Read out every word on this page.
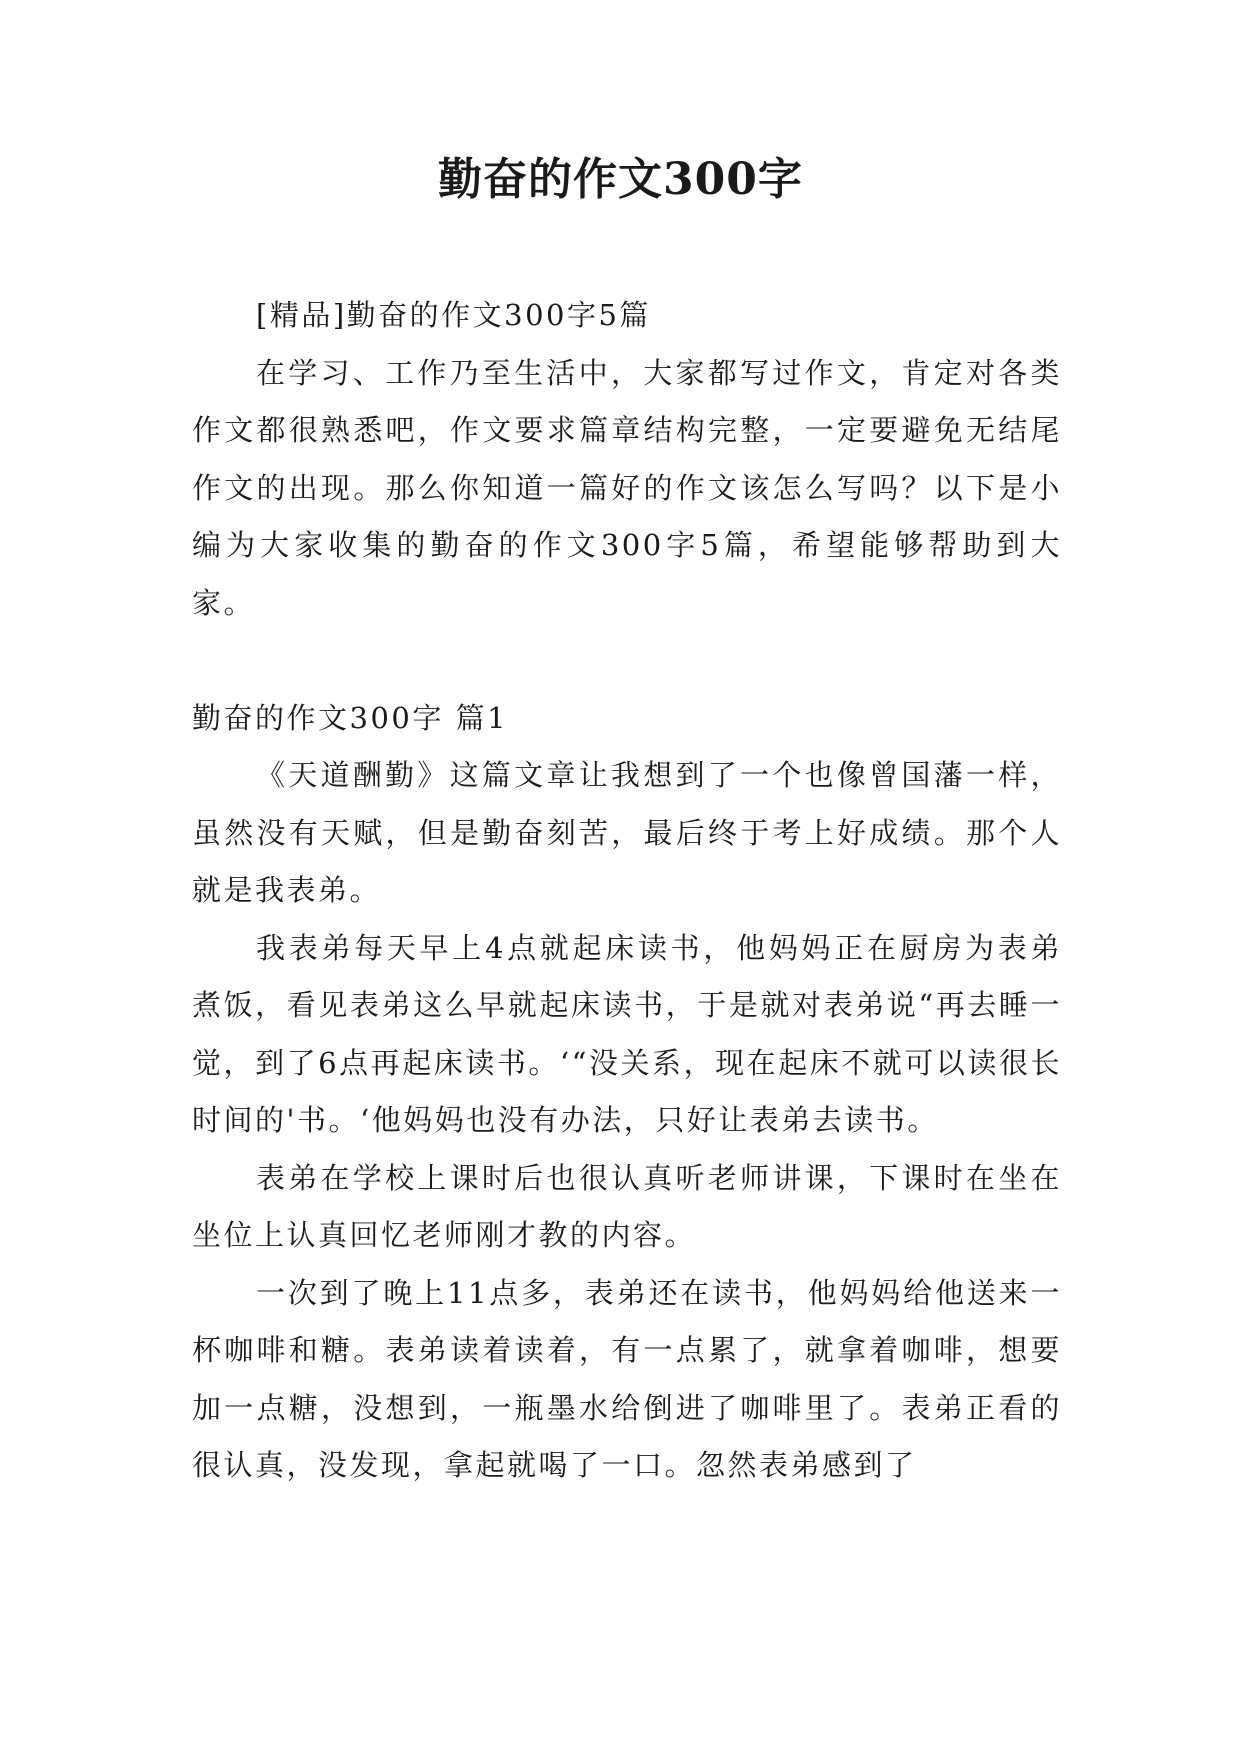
勤奋的作文300字

[精品]勤奋的作文300字5篇

在学习、工作乃至生活中，大家都写过作文，肯定对各类作文都很熟悉吧，作文要求篇章结构完整，一定要避免无结尾作文的出现。那么你知道一篇好的作文该怎么写吗？以下是小编为大家收集的勤奋的作文300字5篇，希望能够帮助到大家。

勤奋的作文300字 篇1

《天道酬勤》这篇文章让我想到了一个也像曾国藩一样，虽然没有天赋，但是勤奋刻苦，最后终于考上好成绩。那个人就是我表弟。

我表弟每天早上4点就起床读书，他妈妈正在厨房为表弟煮饭，看见表弟这么早就起床读书，于是就对表弟说“再去睡一觉，到了6点再起床读书。‘“没关系，现在起床不就可以读很长时间的'书。‘他妈妈也没有办法，只好让表弟去读书。

表弟在学校上课时后也很认真听老师讲课，下课时在坐在坐位上认真回忆老师刚才教的内容。

一次到了晚上11点多，表弟还在读书，他妈妈给他送来一杯咖啡和糖。表弟读着读着，有一点累了，就拿着咖啡，想要加一点糖，没想到，一瓶墨水给倒进了咖啡里了。表弟正看的很认真，没发现，拿起就喝了一口。忽然表弟感到了
